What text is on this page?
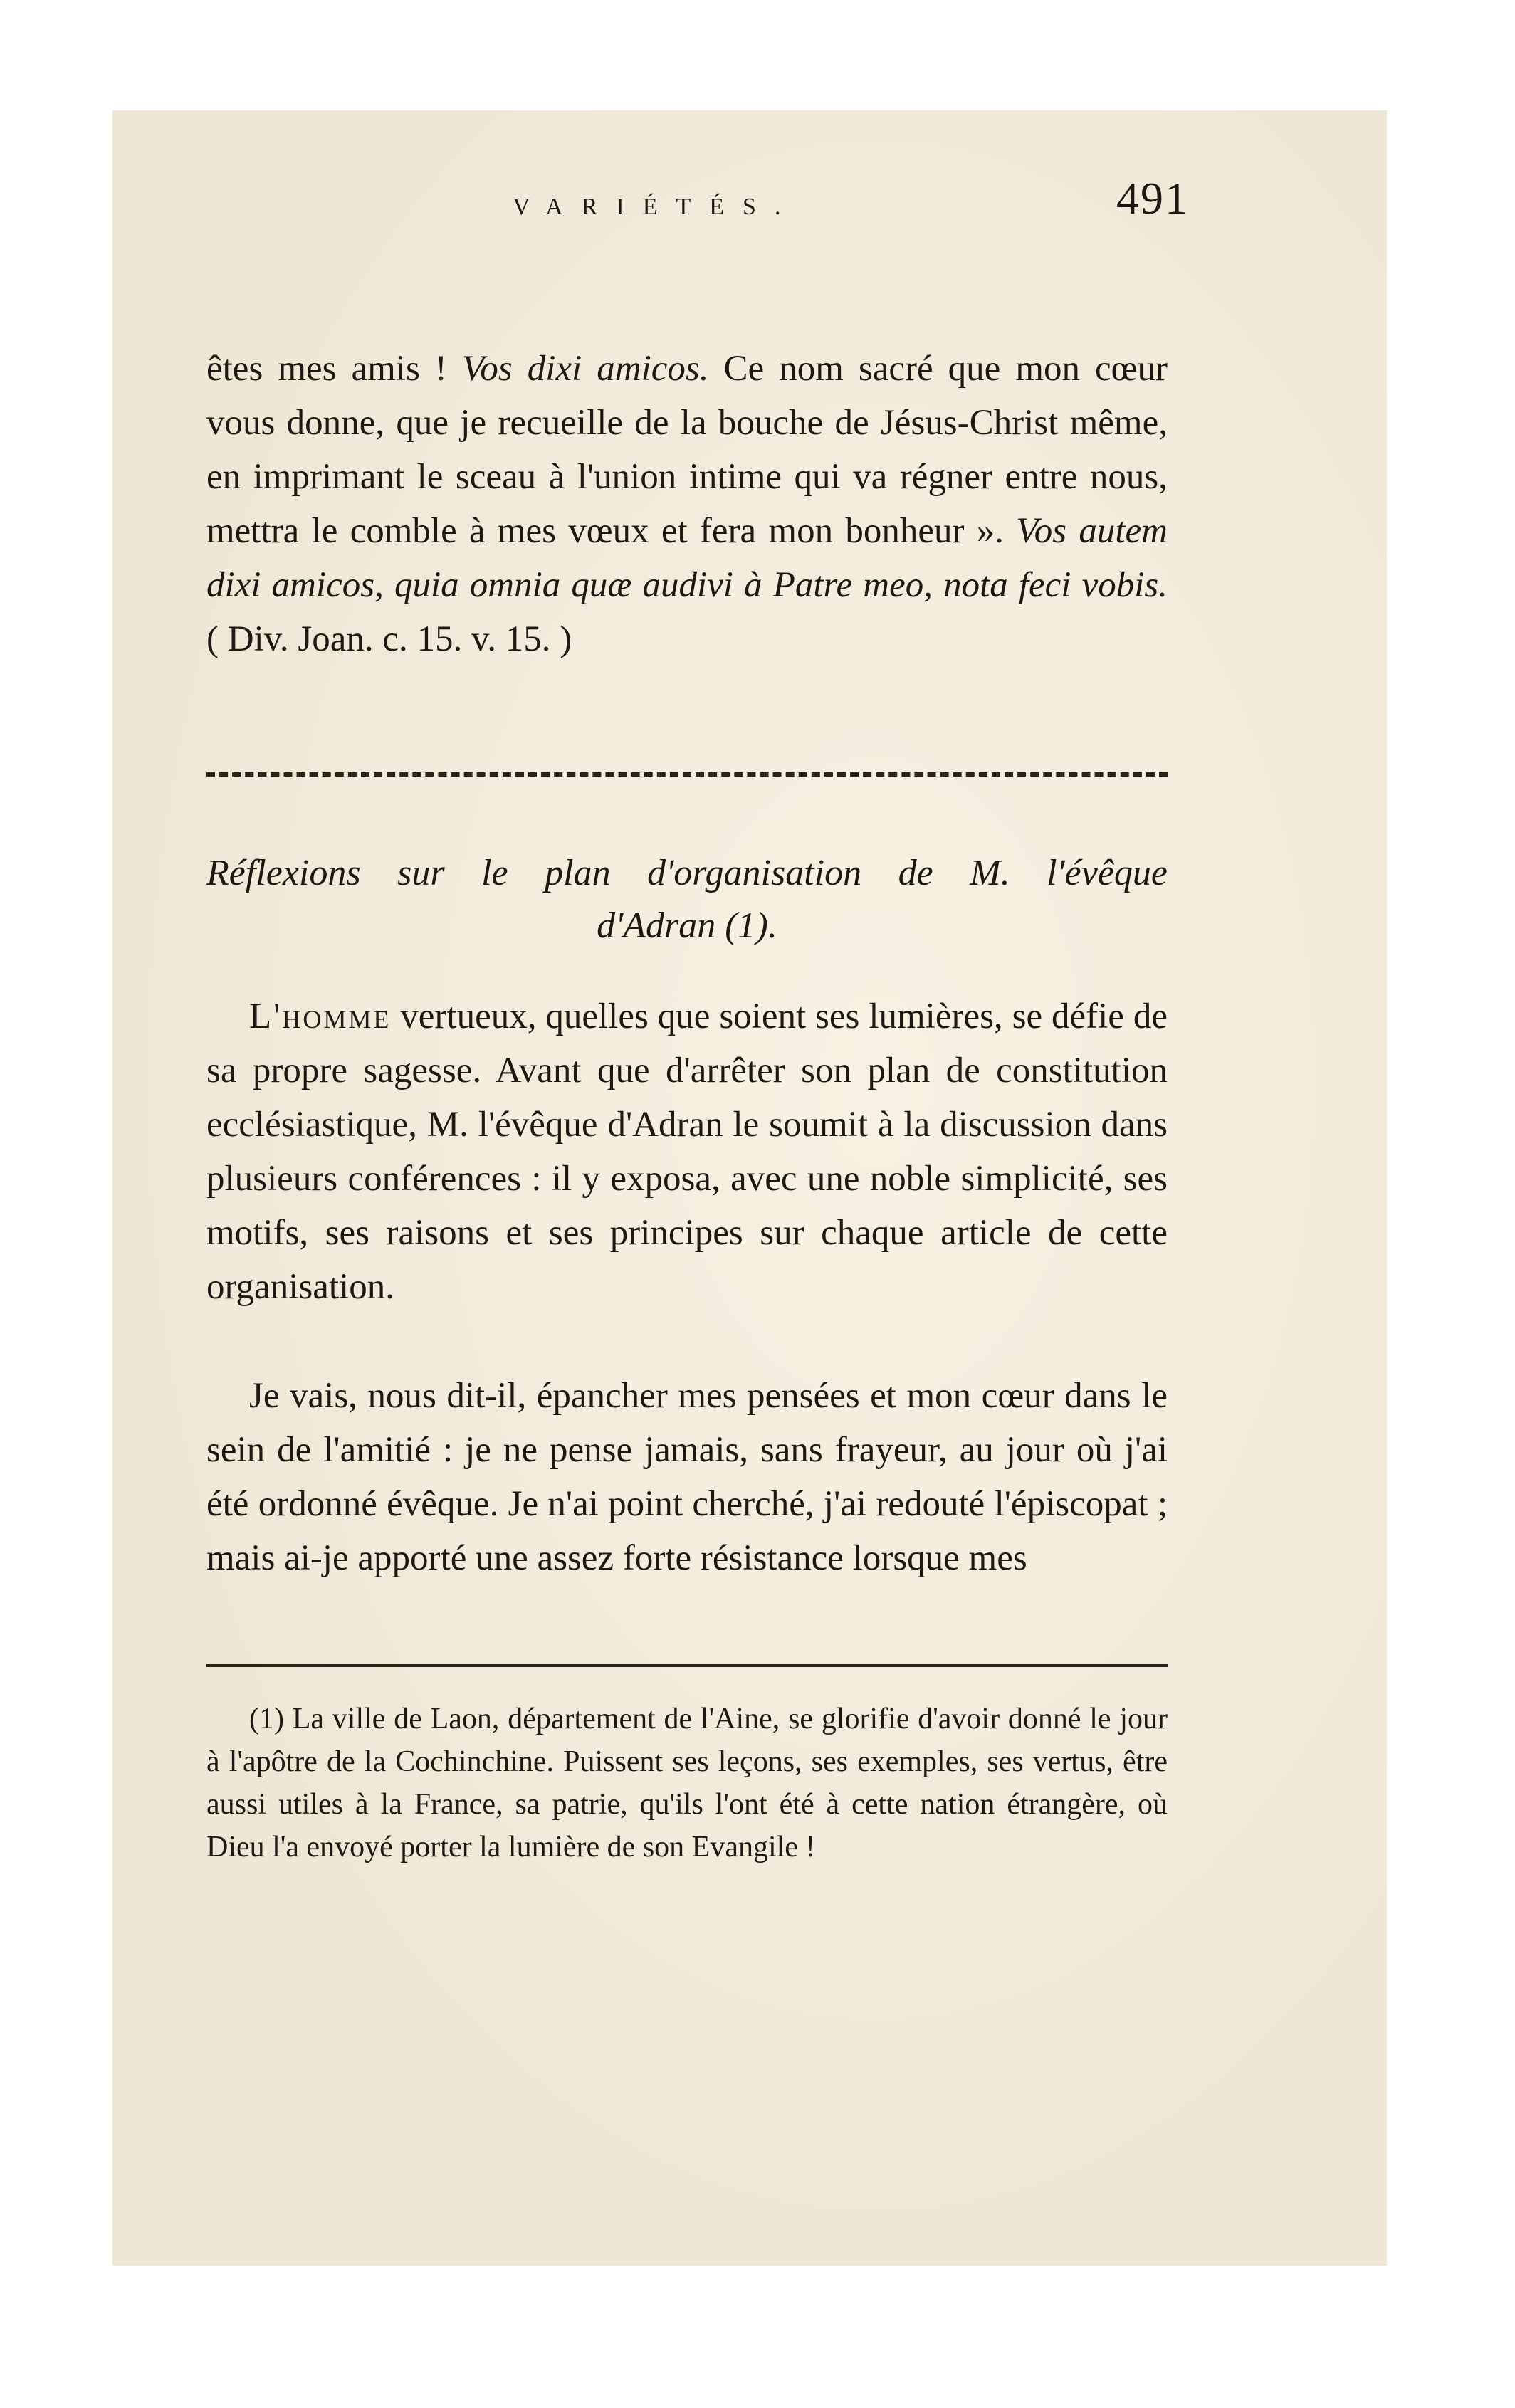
VARIÉTÉS.	491
êtes mes amis ! Vos dixi amicos. Ce nom sacré que mon cœur vous donne, que je recueille de la bouche de Jésus-Christ même, en imprimant le sceau à l'union intime qui va régner entre nous, mettra le comble à mes vœux et fera mon bonheur ». Vos autem dixi amicos, quia omnia quæ audivi à Patre meo, nota feci vobis. ( Div. Joan. c. 15. v. 15. )
Réflexions sur le plan d'organisation de M. l'évêque
d'Adran (1).
L'homme vertueux, quelles que soient ses lumières, se défie de sa propre sagesse. Avant que d'arrêter son plan de constitution ecclésiastique, M. l'évêque d'Adran le soumit à la discussion dans plusieurs conférences : il y exposa, avec une noble simplicité, ses motifs, ses raisons et ses principes sur chaque article de cette organisation.
Je vais, nous dit-il, épancher mes pensées et mon cœur dans le sein de l'amitié : je ne pense jamais, sans frayeur, au jour où j'ai été ordonné évêque. Je n'ai point cherché, j'ai redouté l'épiscopat ; mais ai-je apporté une assez forte résistance lorsque mes
(1) La ville de Laon, département de l'Aine, se glorifie d'avoir donné le jour à l'apôtre de la Cochinchine. Puissent ses leçons, ses exemples, ses vertus, être aussi utiles à la France, sa patrie, qu'ils l'ont été à cette nation étrangère, où Dieu l'a envoyé porter la lumière de son Evangile !
